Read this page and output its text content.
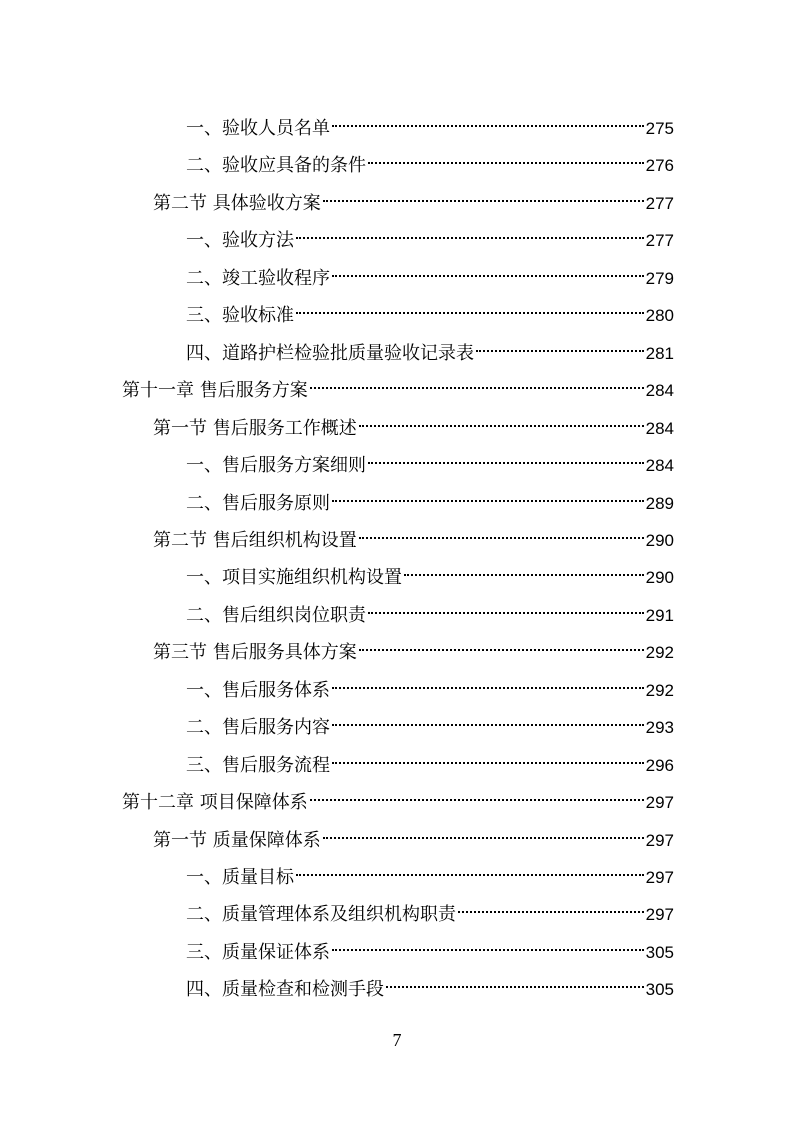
一、验收人员名单	275
二、验收应具备的条件	276
第二节 具体验收方案	277
一、验收方法	277
二、竣工验收程序	279
三、验收标准	280
四、道路护栏检验批质量验收记录表	281
第十一章 售后服务方案	284
第一节 售后服务工作概述	284
一、售后服务方案细则	284
二、售后服务原则	289
第二节 售后组织机构设置	290
一、项目实施组织机构设置	290
二、售后组织岗位职责	291
第三节 售后服务具体方案	292
一、售后服务体系	292
二、售后服务内容	293
三、售后服务流程	296
第十二章 项目保障体系	297
第一节 质量保障体系	297
一、质量目标	297
二、质量管理体系及组织机构职责	297
三、质量保证体系	305
四、质量检查和检测手段	305
7
